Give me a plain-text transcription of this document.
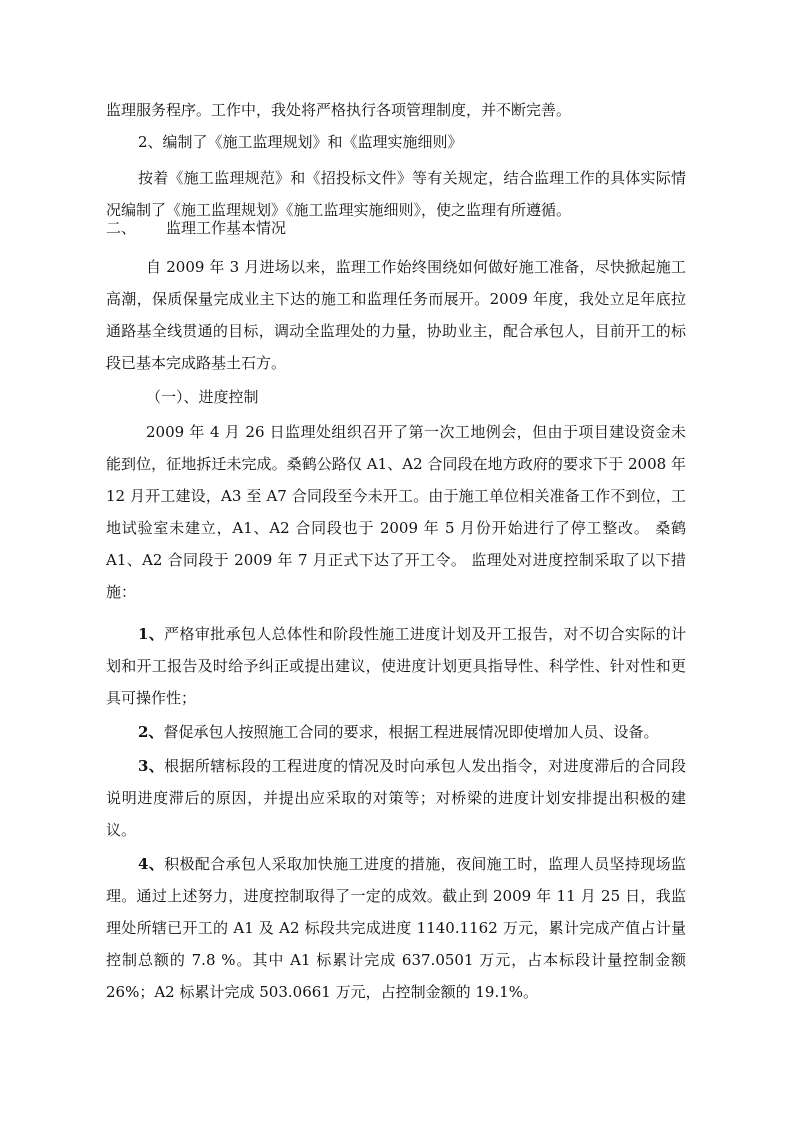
监理服务程序。工作中，我处将严格执行各项管理制度，并不断完善。

2、编制了《施工监理规划》和《监理实施细则》

按着《施工监理规范》和《招投标文件》等有关规定，结合监理工作的具体实际情况编制了《施工监理规划》《施工监理实施细则》，使之监理有所遵循。

二、 监理工作基本情况

自 2009 年 3 月进场以来，监理工作始终围绕如何做好施工准备，尽快掀起施工高潮，保质保量完成业主下达的施工和监理任务而展开。2009 年度，我处立足年底拉通路基全线贯通的目标，调动全监理处的力量，协助业主，配合承包人，目前开工的标段已基本完成路基土石方。

（一）、进度控制

2009 年 4 月 26 日监理处组织召开了第一次工地例会，但由于项目建设资金未能到位，征地拆迁未完成。桑鹤公路仅 A1、A2 合同段在地方政府的要求下于 2008 年 12 月开工建设，A3 至 A7 合同段至今未开工。由于施工单位相关准备工作不到位，工地试验室未建立，A1、A2 合同段也于 2009 年 5 月份开始进行了停工整改。 桑鹤 A1、A2 合同段于 2009 年 7 月正式下达了开工令。 监理处对进度控制采取了以下措施：

1、严格审批承包人总体性和阶段性施工进度计划及开工报告，对不切合实际的计划和开工报告及时给予纠正或提出建议，使进度计划更具指导性、科学性、针对性和更具可操作性；

2、督促承包人按照施工合同的要求，根据工程进展情况即使增加人员、设备。

3、根据所辖标段的工程进度的情况及时向承包人发出指令，对进度滞后的合同段说明进度滞后的原因，并提出应采取的对策等；对桥梁的进度计划安排提出积极的建议。

4、积极配合承包人采取加快施工进度的措施，夜间施工时，监理人员坚持现场监理。通过上述努力，进度控制取得了一定的成效。截止到 2009 年 11 月 25 日，我监理处所辖已开工的 A1 及 A2 标段共完成进度 1140.1162 万元，累计完成产值占计量控制总额的 7.8 %。其中 A1 标累计完成 637.0501 万元，占本标段计量控制金额 26%；A2 标累计完成 503.0661 万元，占控制金额的 19.1%。
